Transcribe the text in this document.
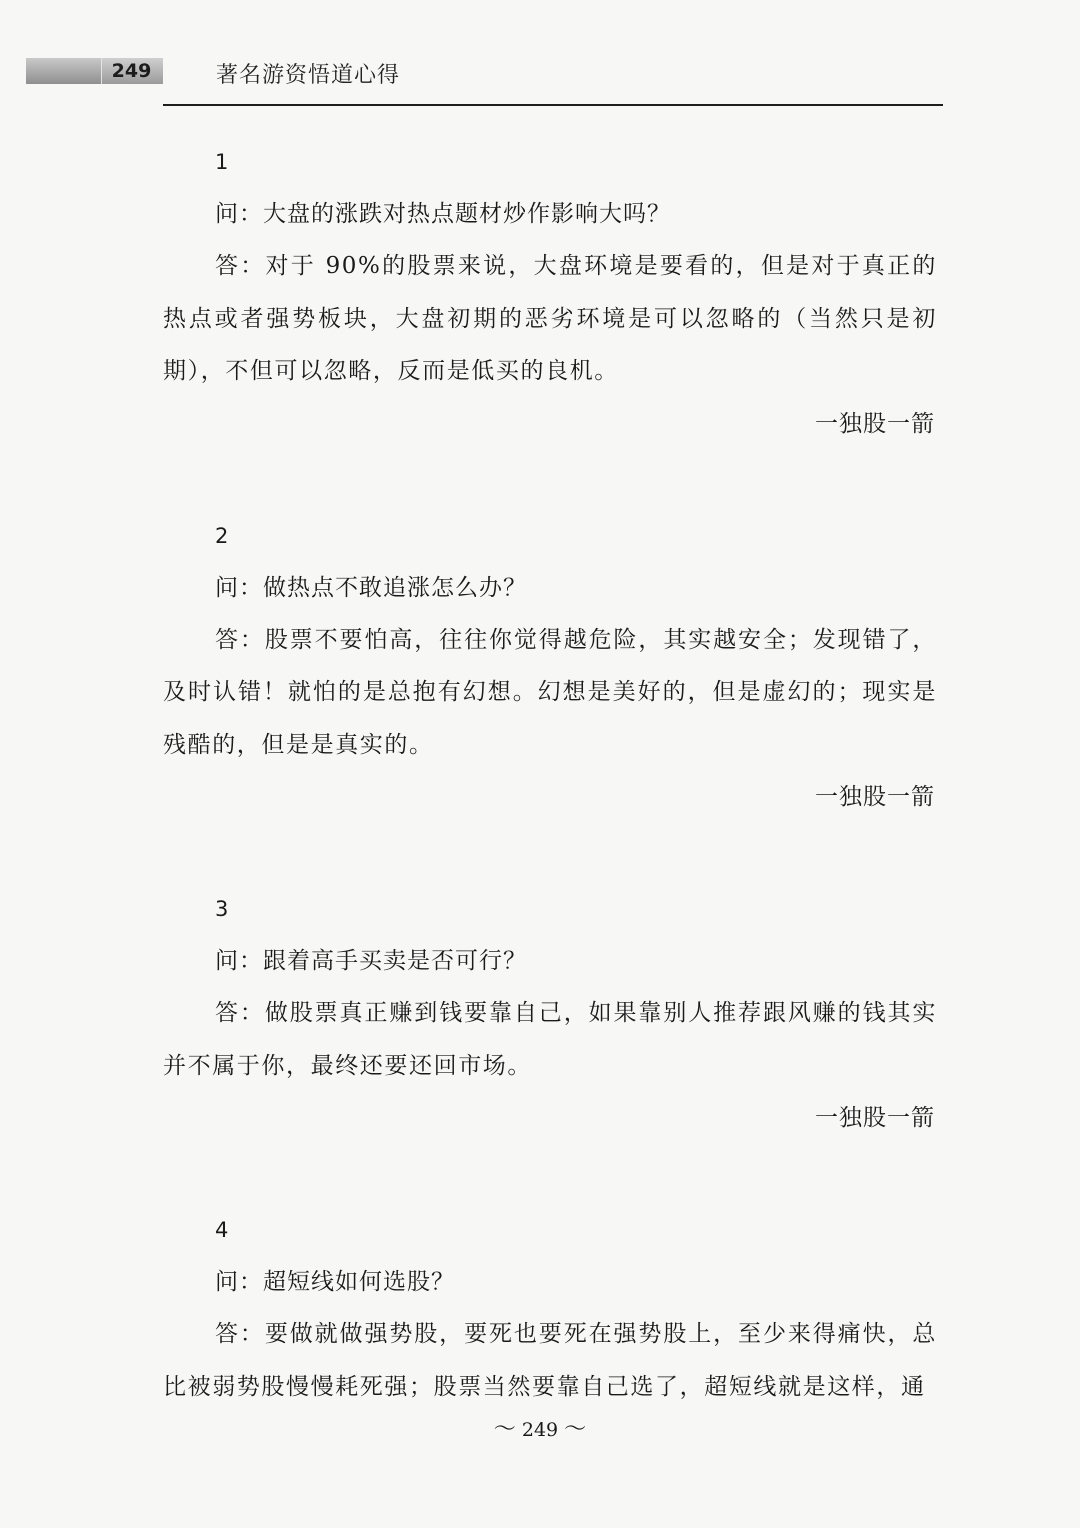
249	著名游资悟道心得
1
问：大盘的涨跌对热点题材炒作影响大吗？

答：对于 90%的股票来说，大盘环境是要看的，但是对于真正的热点或者强势板块，大盘初期的恶劣环境是可以忽略的（当然只是初期），不但可以忽略，反而是低买的良机。

一独股一箭
2
问：做热点不敢追涨怎么办？

答：股票不要怕高，往往你觉得越危险，其实越安全；发现错了，及时认错！就怕的是总抱有幻想。幻想是美好的，但是虚幻的；现实是残酷的，但是是真实的。

一独股一箭
3
问：跟着高手买卖是否可行？

答：做股票真正赚到钱要靠自己，如果靠别人推荐跟风赚的钱其实并不属于你，最终还要还回市场。

一独股一箭
4
问：超短线如何选股？

答：要做就做强势股，要死也要死在强势股上，至少来得痛快，总比被弱势股慢慢耗死强；股票当然要靠自己选了，超短线就是这样，通

～ 249 ～
